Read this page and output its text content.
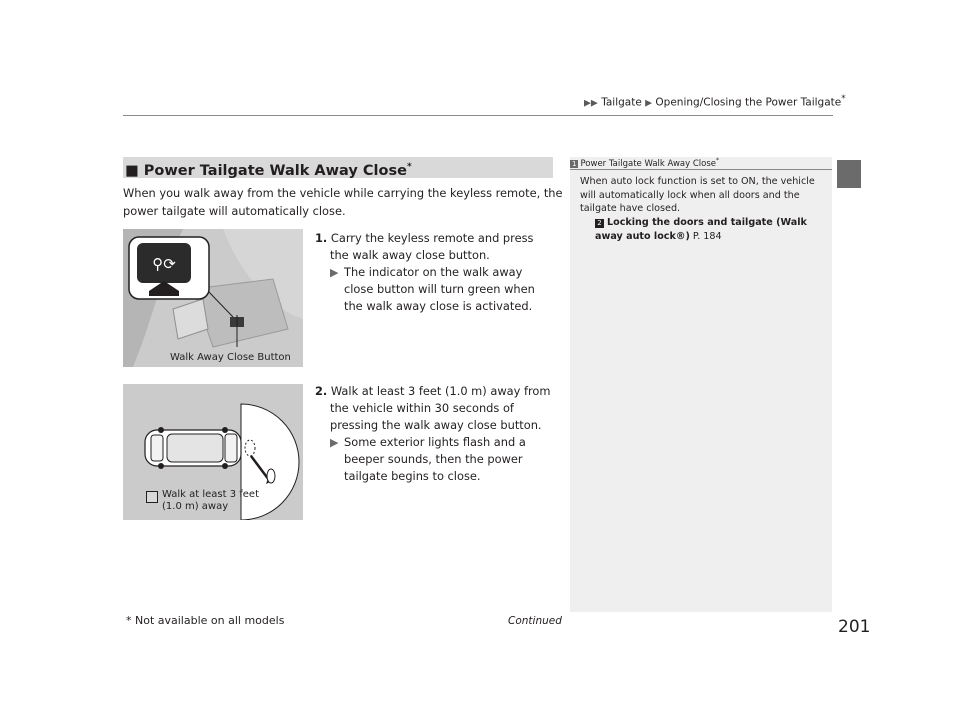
▶▶ Tailgate ▶ Opening/Closing the Power Tailgate*
■ Power Tailgate Walk Away Close*
When you walk away from the vehicle while carrying the keyless remote, the power tailgate will automatically close.
⚲⟳
Walk Away Close Button
1. Carry the keyless remote and press the walk away close button.
▶ The indicator on the walk away close button will turn green when the walk away close is activated.
Walk at least 3 feet
(1.0 m) away
2. Walk at least 3 feet (1.0 m) away from the vehicle within 30 seconds of pressing the walk away close button.
▶ Some exterior lights flash and a beeper sounds, then the power tailgate begins to close.
1 Power Tailgate Walk Away Close*
When auto lock function is set to ON, the vehicle will automatically lock when all doors and the tailgate have closed.
2 Locking the doors and tailgate (Walk away auto lock®) P. 184
* Not available on all models	Continued	201
